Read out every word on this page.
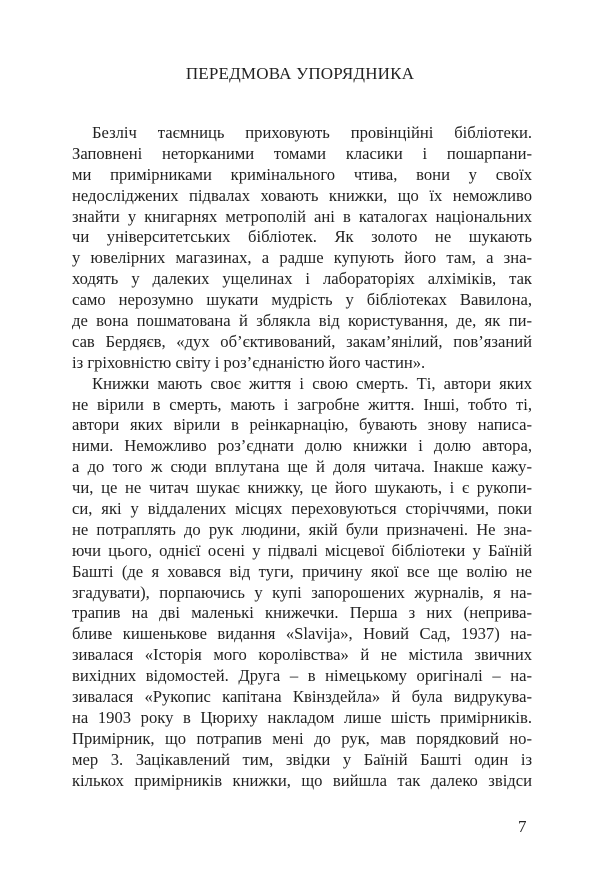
ПЕРЕДМОВА УПОРЯДНИКА
Безліч таємниць приховують провінційні бібліотеки.
Заповнені неторканими томами класики і пошарпани-
ми примірниками кримінального чтива, вони у своїх
недосліджених підвалах ховають книжки, що їх неможливо
знайти у книгарнях метрополій ані в каталогах національних
чи університетських бібліотек. Як золото не шукають
у ювелірних магазинах, а радше купують його там, а зна-
ходять у далеких ущелинах і лабораторіях алхіміків, так
само нерозумно шукати мудрість у бібліотеках Вавилона,
де вона пошматована й зблякла від користування, де, як пи-
сав Бердяєв, «дух об’єктивований, закам’янілий, пов’язаний
із гріховністю світу і роз’єднаністю його частин».
Книжки мають своє життя і свою смерть. Ті, автори яких
не вірили в смерть, мають і загробне життя. Інші, тобто ті,
автори яких вірили в реінкарнацію, бувають знову написа-
ними. Неможливо роз’єднати долю книжки і долю автора,
а до того ж сюди вплутана ще й доля читача. Інакше кажу-
чи, це не читач шукає книжку, це його шукають, і є рукопи-
си, які у віддалених місцях переховуються сторіччями, поки
не потраплять до рук людини, якій були призначені. Не зна-
ючи цього, однієї осені у підвалі місцевої бібліотеки у Баїній
Башті (де я ховався від туги, причину якої все ще волію не
згадувати), порпаючись у купі запорошених журналів, я на-
трапив на дві маленькі книжечки. Перша з них (неприва-
бливе кишенькове видання «Slavija», Новий Сад, 1937) на-
зивалася «Історія мого королівства» й не містила звичних
вихідних відомостей. Друга – в німецькому оригіналі – на-
зивалася «Рукопис капітана Квінздейла» й була видрукува-
на 1903 року в Цюриху накладом лише шість примірників.
Примірник, що потрапив мені до рук, мав порядковий но-
мер 3. Зацікавлений тим, звідки у Баїній Башті один із
кількох примірників книжки, що вийшла так далеко звідси
7
